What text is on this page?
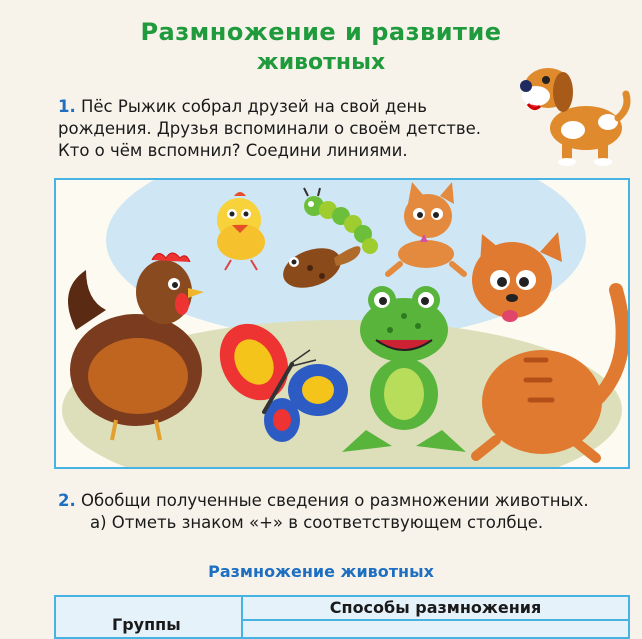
Размножение и развитие
животных
1. Пёс Рыжик собрал друзей на свой день рождения. Друзья вспоминали о своём детстве. Кто о чём вспомнил? Соедини линиями.
2. Обобщи полученные сведения о размножении животных.
а) Отметь знаком «+» в соответствующем столбце.
Размножение животных
Группы
Способы размножения
